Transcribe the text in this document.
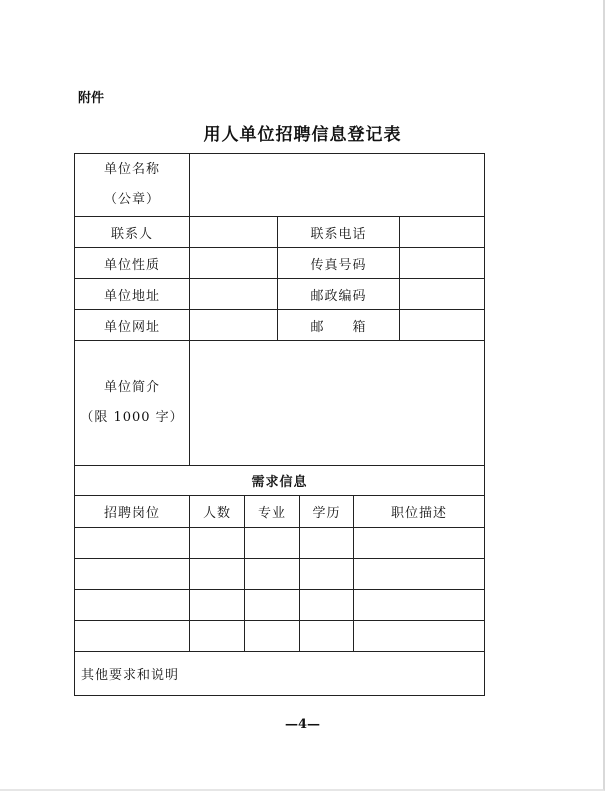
附件
用人单位招聘信息登记表
单位名称
（公章）						

联系人			联系电话			
单位性质			传真号码			
单位地址			邮政编码			
单位网址			邮　　箱			

单位简介
（限 1000 字）						

需求信息						
招聘岗位	人数	专业		学历	职位描述	

其他要求和说明						
—4—
